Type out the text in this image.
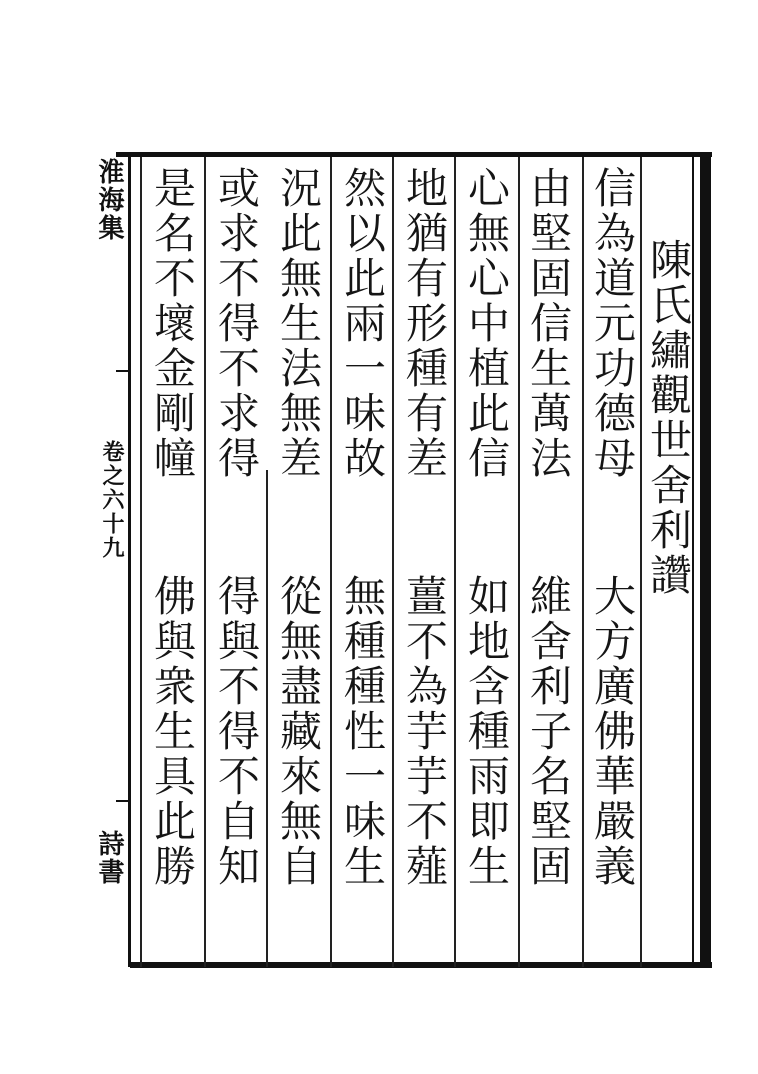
淮海集
卷之六十九
詩書
陳氏繡觀世舍利讚
信為道元功德母
由堅固信生萬法
心無心中植此信
地猶有形種有差
然以此兩一味故
況此無生法無差
或求不得不求得
是名不壞金剛幢
大方廣佛華嚴義
維舍利子名堅固
如地含種雨即生
薑不為芋芋不薤
無種種性一味生
從無盡藏來無自
得與不得不自知
佛與衆生具此勝
